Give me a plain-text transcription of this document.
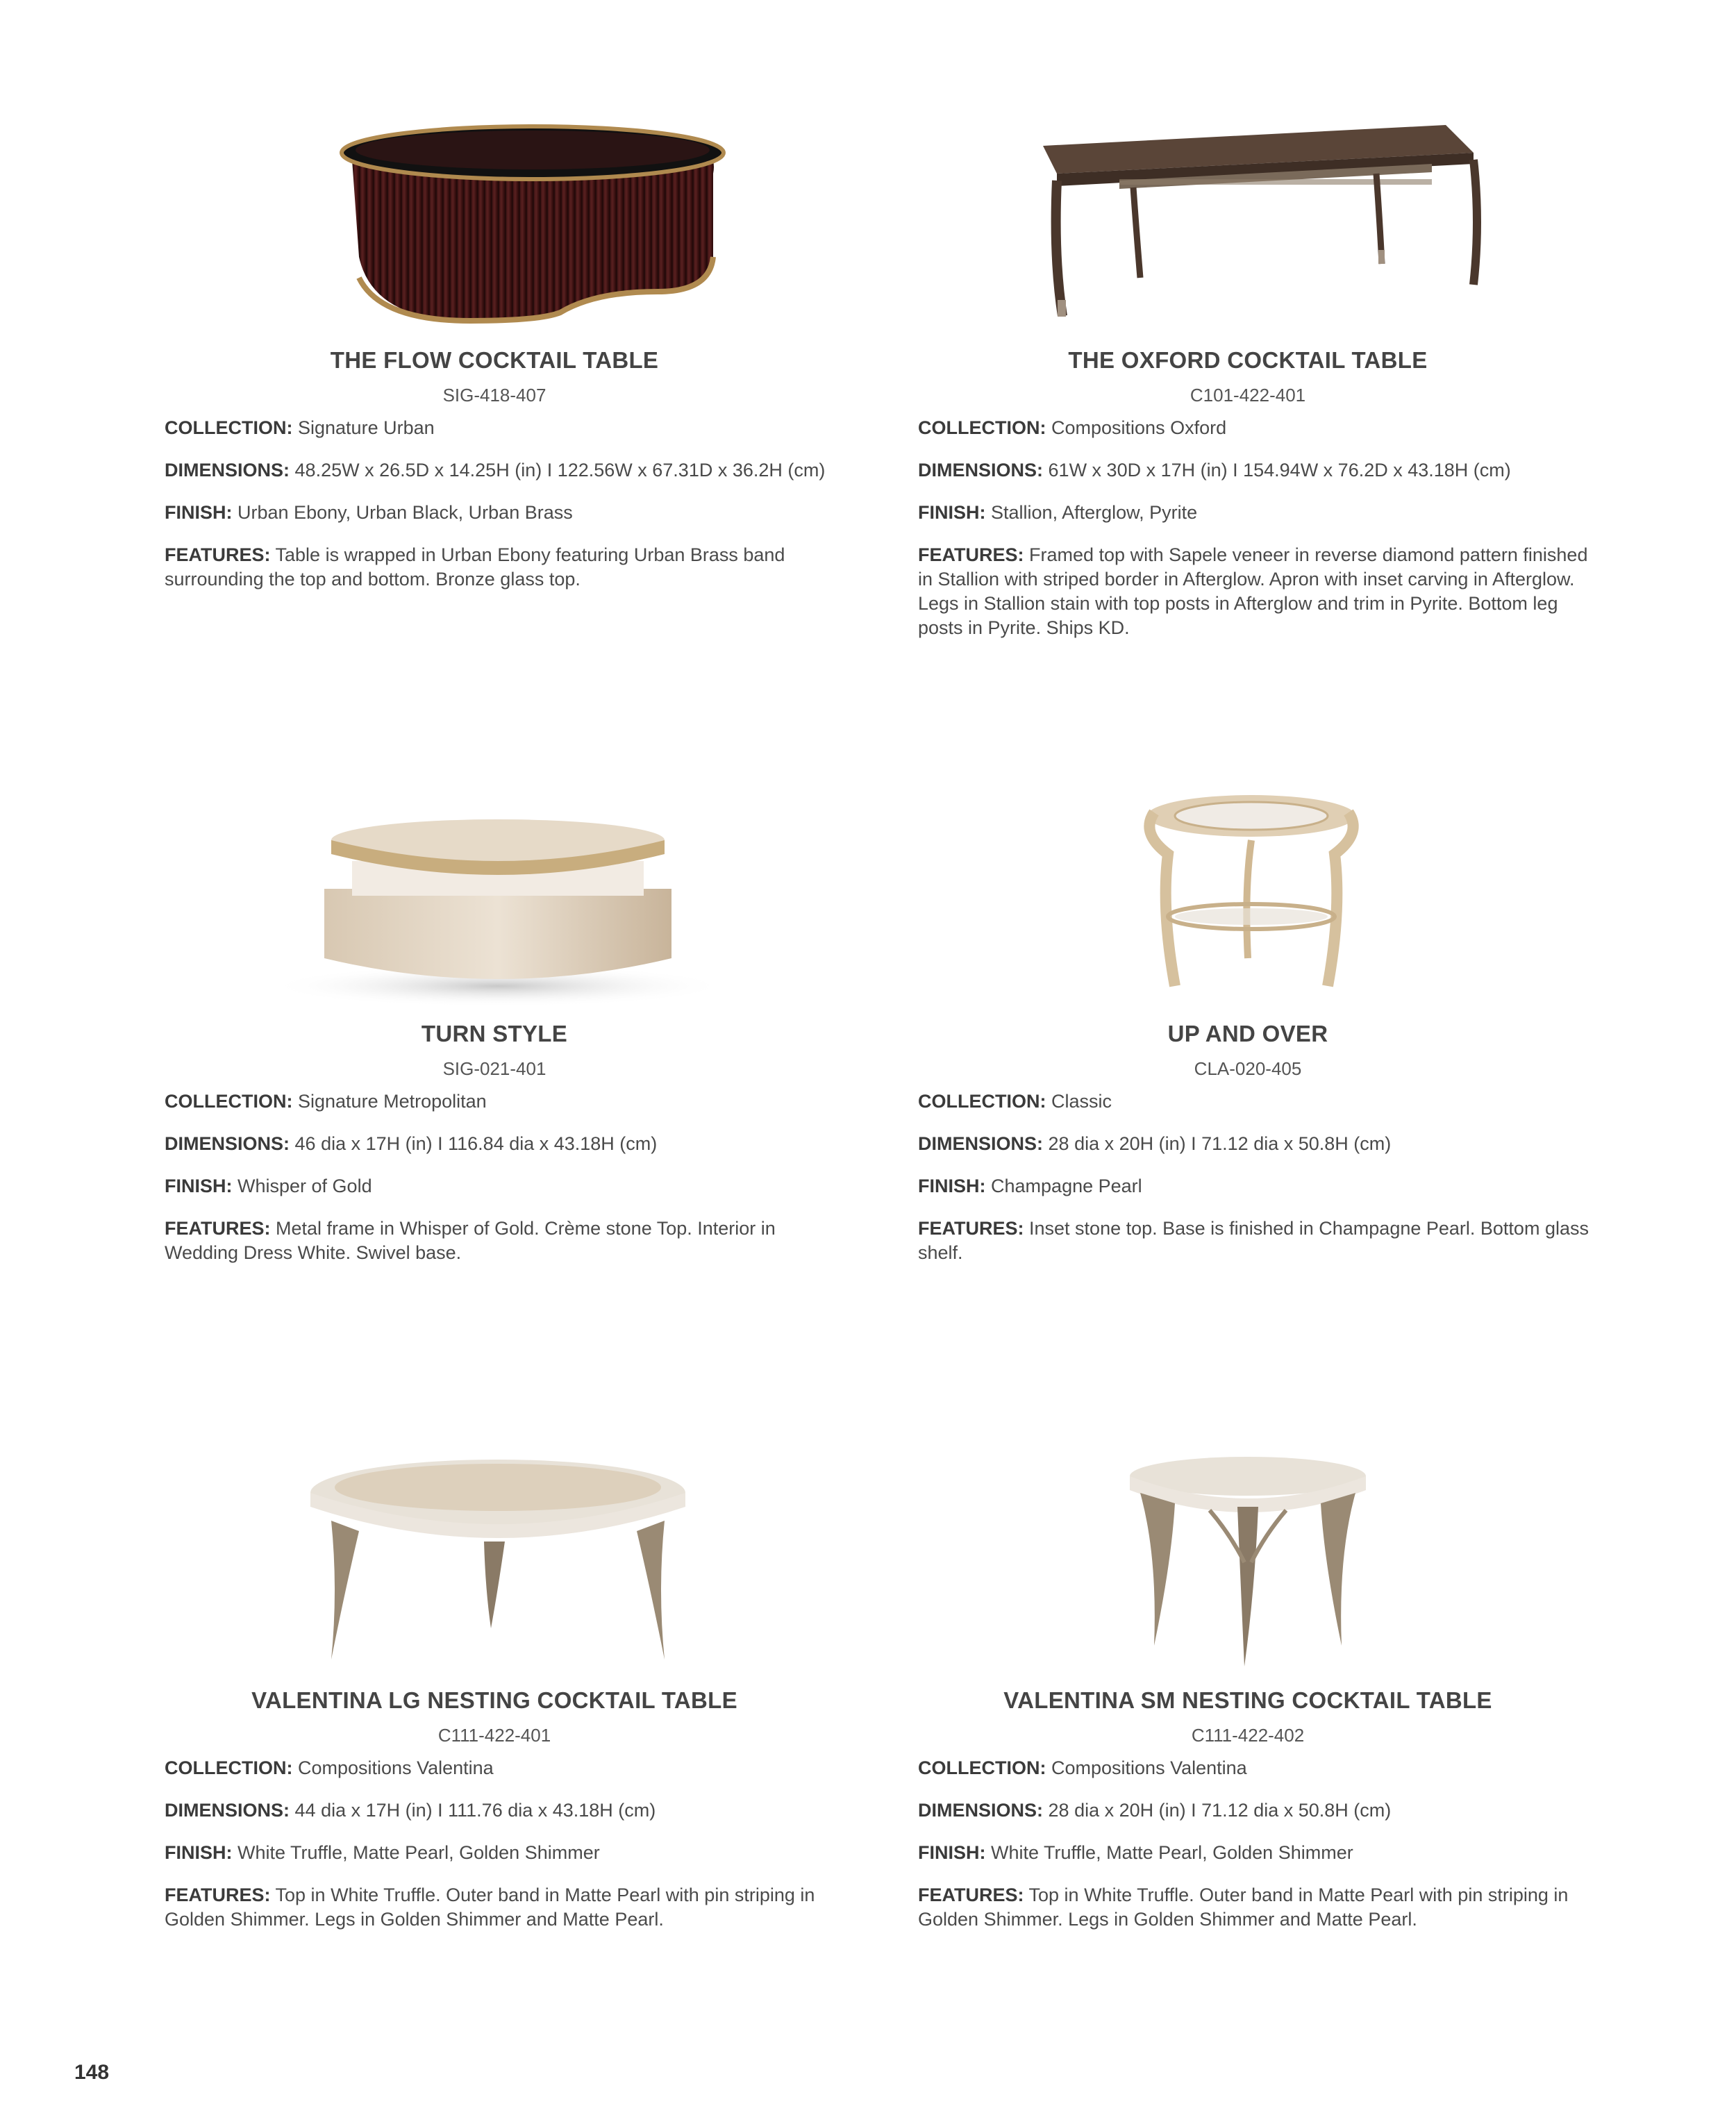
THE FLOW COCKTAIL TABLE
SIG-418-407
COLLECTION: Signature Urban
DIMENSIONS: 48.25W x 26.5D x 14.25H (in) I 122.56W x 67.31D x 36.2H (cm)
FINISH: Urban Ebony, Urban Black, Urban Brass
FEATURES: Table is wrapped in Urban Ebony featuring Urban Brass band surrounding the top and bottom. Bronze glass top.
THE OXFORD COCKTAIL TABLE
C101-422-401
COLLECTION: Compositions Oxford
DIMENSIONS: 61W x 30D x 17H (in) I 154.94W x 76.2D x 43.18H (cm)
FINISH: Stallion, Afterglow, Pyrite
FEATURES: Framed top with Sapele veneer in reverse diamond pattern finished in Stallion with striped border in Afterglow. Apron with inset carving in Afterglow. Legs in Stallion stain with top posts in Afterglow and trim in Pyrite. Bottom leg posts in Pyrite. Ships KD.
TURN STYLE
SIG-021-401
COLLECTION: Signature Metropolitan
DIMENSIONS: 46 dia x 17H (in) I 116.84 dia x 43.18H (cm)
FINISH: Whisper of Gold
FEATURES: Metal frame in Whisper of Gold. Crème stone Top. Interior in Wedding Dress White. Swivel base.
UP AND OVER
CLA-020-405
COLLECTION: Classic
DIMENSIONS: 28 dia x 20H (in) I 71.12 dia x 50.8H (cm)
FINISH: Champagne Pearl
FEATURES: Inset stone top. Base is finished in Champagne Pearl. Bottom glass shelf.
VALENTINA LG NESTING COCKTAIL TABLE
C111-422-401
COLLECTION: Compositions Valentina
DIMENSIONS: 44 dia x 17H (in) I 111.76 dia x 43.18H (cm)
FINISH: White Truffle, Matte Pearl, Golden Shimmer
FEATURES: Top in White Truffle. Outer band in Matte Pearl with pin striping in Golden Shimmer. Legs in Golden Shimmer and Matte Pearl.
VALENTINA SM NESTING COCKTAIL TABLE
C111-422-402
COLLECTION: Compositions Valentina
DIMENSIONS: 28 dia x 20H (in) I 71.12 dia x 50.8H (cm)
FINISH: White Truffle, Matte Pearl, Golden Shimmer
FEATURES: Top in White Truffle. Outer band in Matte Pearl with pin striping in Golden Shimmer. Legs in Golden Shimmer and Matte Pearl.
148
